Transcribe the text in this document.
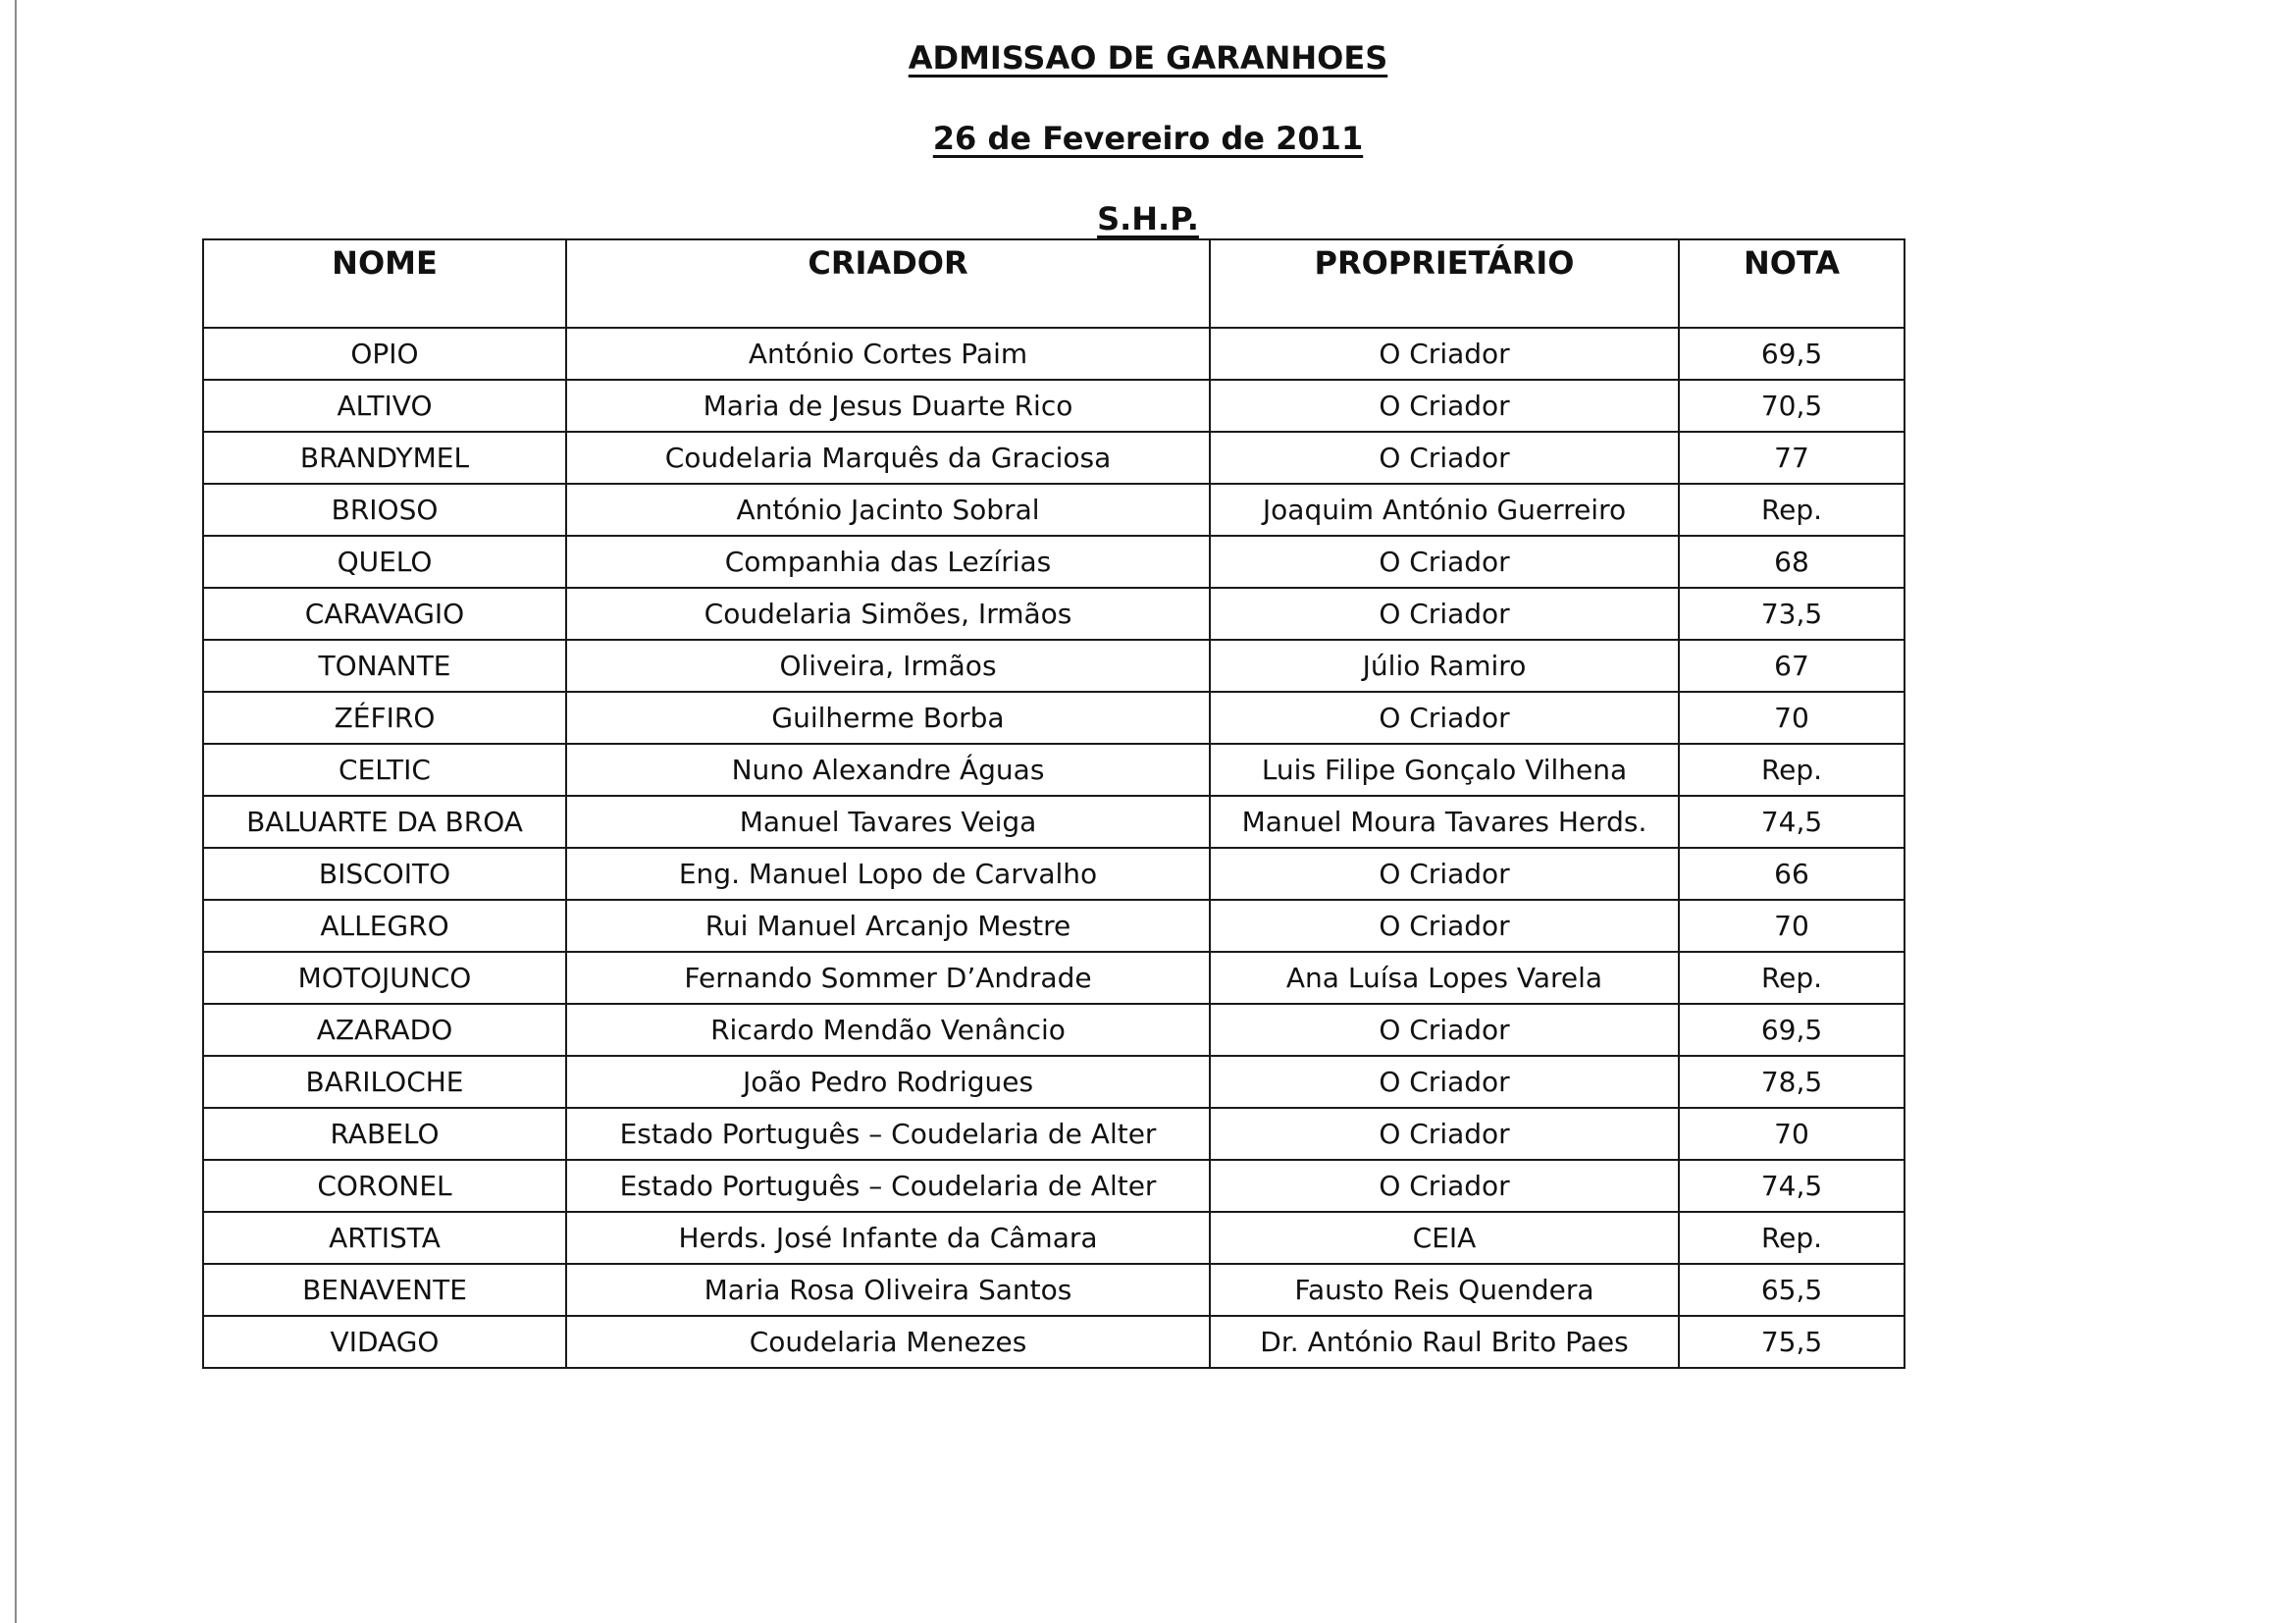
ADMISSAO DE GARANHOES
26 de Fevereiro de 2011
S.H.P.
NOME	CRIADOR	PROPRIETÁRIO	NOTA
OPIO	António Cortes Paim	O Criador	69,5
ALTIVO	Maria de Jesus Duarte Rico	O Criador	70,5
BRANDYMEL	Coudelaria Marquês da Graciosa	O Criador	77
BRIOSO	António Jacinto Sobral	Joaquim António Guerreiro	Rep.
QUELO	Companhia das Lezírias	O Criador	68
CARAVAGIO	Coudelaria Simões, Irmãos	O Criador	73,5
TONANTE	Oliveira, Irmãos	Júlio Ramiro	67
ZÉFIRO	Guilherme Borba	O Criador	70
CELTIC	Nuno Alexandre Águas	Luis Filipe Gonçalo Vilhena	Rep.
BALUARTE DA BROA	Manuel Tavares Veiga	Manuel Moura Tavares Herds.	74,5
BISCOITO	Eng. Manuel Lopo de Carvalho	O Criador	66
ALLEGRO	Rui Manuel Arcanjo Mestre	O Criador	70
MOTOJUNCO	Fernando Sommer D’Andrade	Ana Luísa Lopes Varela	Rep.
AZARADO	Ricardo Mendão Venâncio	O Criador	69,5
BARILOCHE	João Pedro Rodrigues	O Criador	78,5
RABELO	Estado Português – Coudelaria de Alter	O Criador	70
CORONEL	Estado Português – Coudelaria de Alter	O Criador	74,5
ARTISTA	Herds. José Infante da Câmara	CEIA	Rep.
BENAVENTE	Maria Rosa Oliveira Santos	Fausto Reis Quendera	65,5
VIDAGO	Coudelaria Menezes	Dr. António Raul Brito Paes	75,5
